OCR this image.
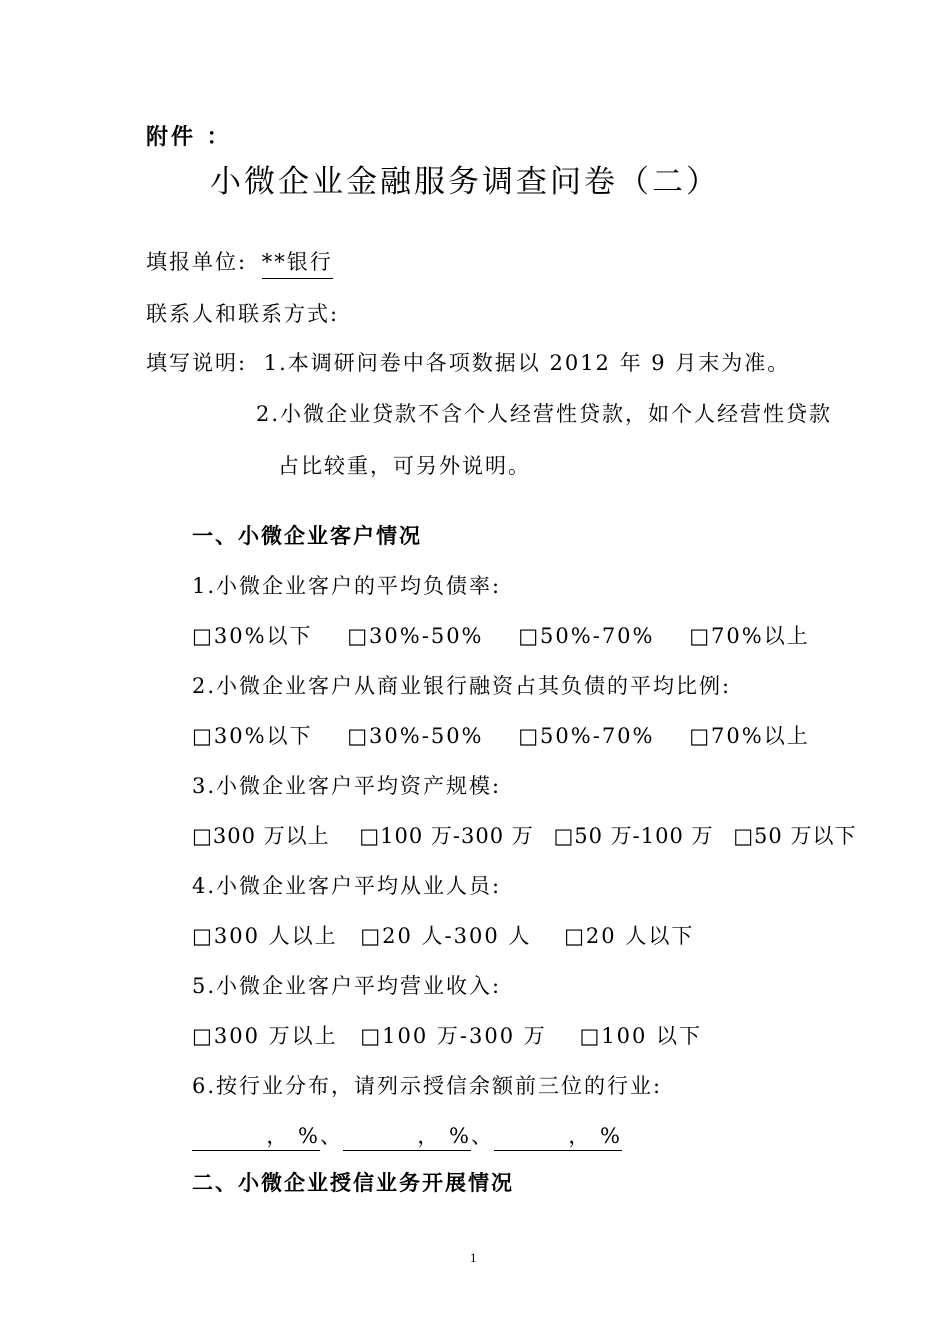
附件 ：
小微企业金融服务调查问卷（二）
填报单位: **银行
联系人和联系方式:
填写说明: 1.本调研问卷中各项数据以 2012 年 9 月末为准。
2.小微企业贷款不含个人经营性贷款，如个人经营性贷款
占比较重，可另外说明。
一、小微企业客户情况
1.小微企业客户的平均负债率:
□30%以下 □30%-50% □50%-70% □70%以上
2.小微企业客户从商业银行融资占其负债的平均比例:
□30%以下 □30%-50% □50%-70% □70%以上
3.小微企业客户平均资产规模:
□300 万以上 □100 万-300 万 □50 万-100 万 □50 万以下
4.小微企业客户平均从业人员:
□300 人以上 □20 人-300 人 □20 人以下
5.小微企业客户平均营业收入:
□300 万以上 □100 万-300 万 □100 以下
6.按行业分布，请列示授信余额前三位的行业:
， %、	， %、	， %
二、小微企业授信业务开展情况
1
